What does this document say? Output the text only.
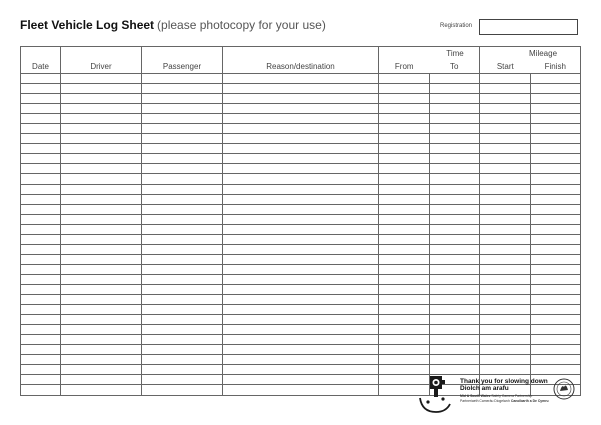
Fleet Vehicle Log Sheet (please photocopy for your use)	Registration
				Time		Mileage	
Date	Driver	Passenger	Reason/destination	From	To	Start	Finish

Thank you for slowing down
Diolch am arafu
Mid & South Wales Safety Camera Partnership
Partneriaeth Camerâu Diogelwch Canolbarth a De Cymru
